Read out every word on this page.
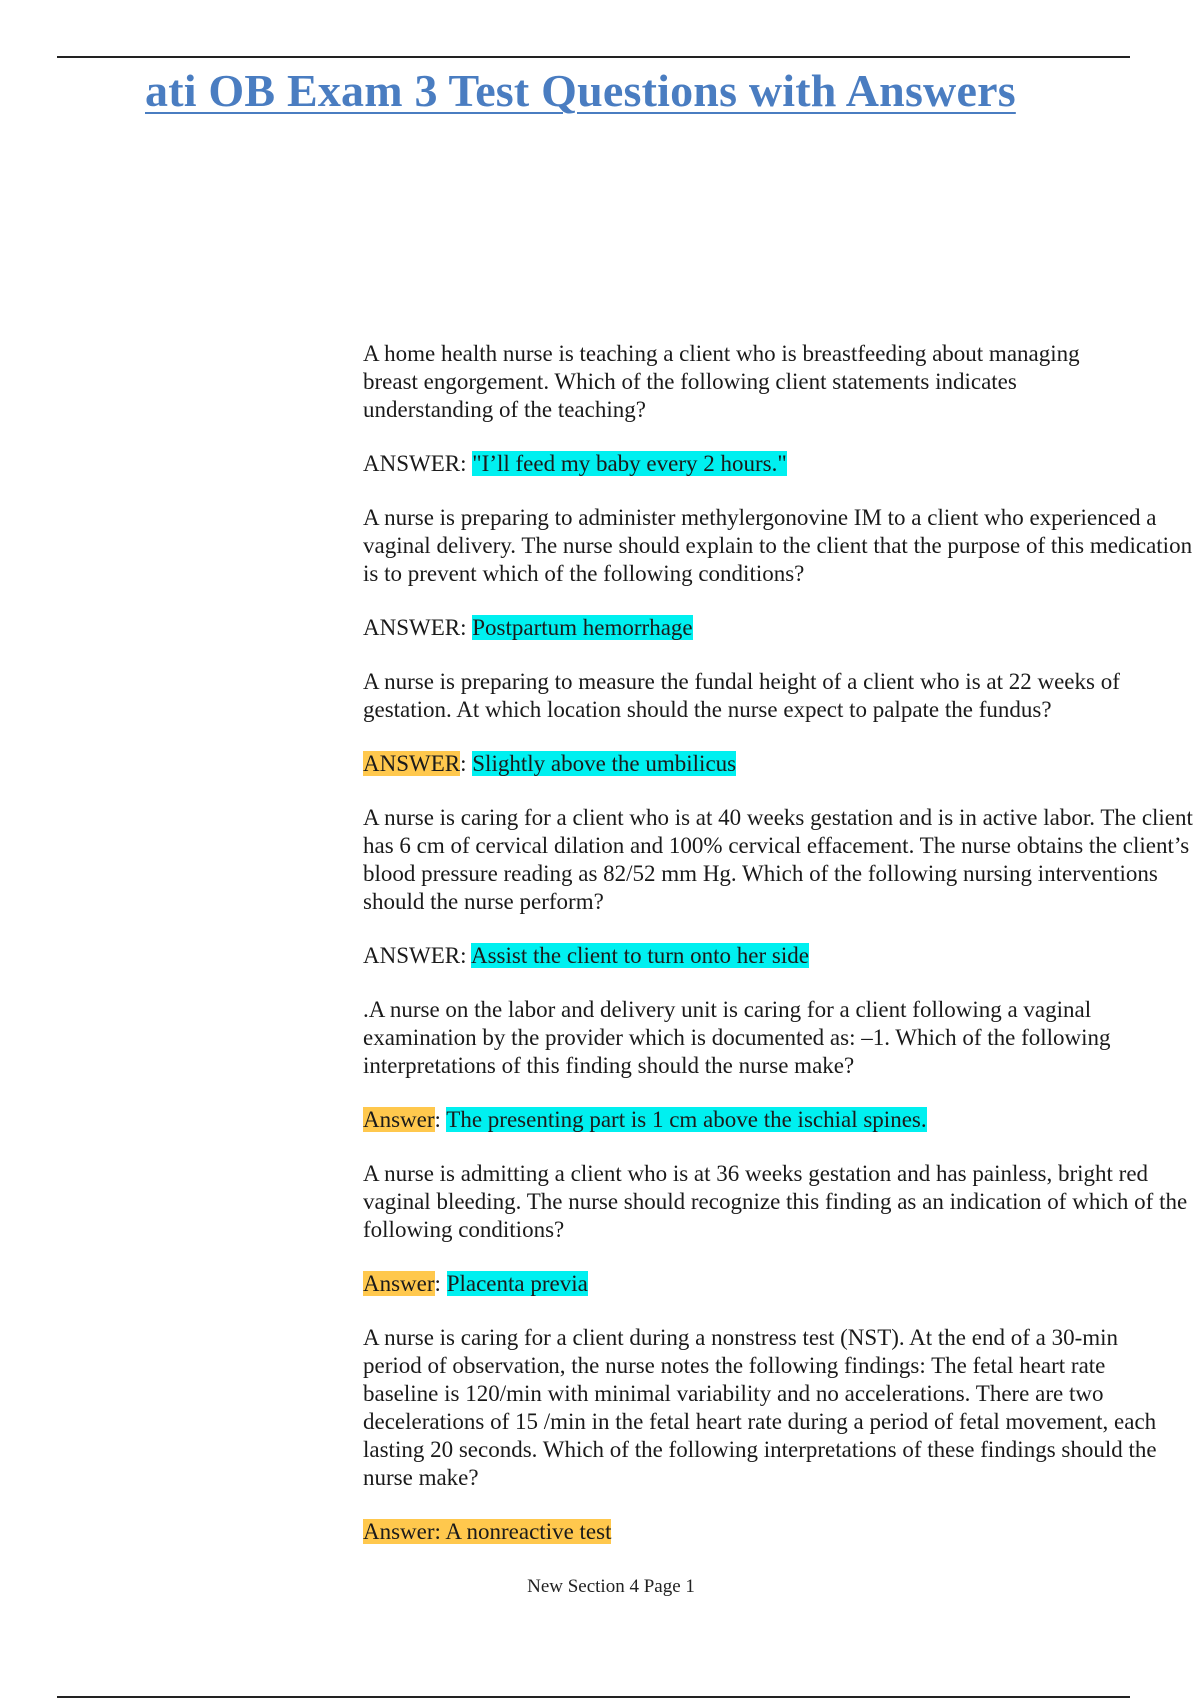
ati OB Exam 3 Test Questions with Answers

A home health nurse is teaching a client who is breastfeeding about managing breast engorgement. Which of the following client statements indicates understanding of the teaching?

ANSWER: "I’ll feed my baby every 2 hours."

A nurse is preparing to administer methylergonovine IM to a client who experienced a vaginal delivery. The nurse should explain to the client that the purpose of this medication is to prevent which of the following conditions?

ANSWER: Postpartum hemorrhage

A nurse is preparing to measure the fundal height of a client who is at 22 weeks of gestation. At which location should the nurse expect to palpate the fundus?

ANSWER: Slightly above the umbilicus

A nurse is caring for a client who is at 40 weeks gestation and is in active labor. The client has 6 cm of cervical dilation and 100% cervical effacement. The nurse obtains the client’s blood pressure reading as 82/52 mm Hg. Which of the following nursing interventions should the nurse perform?

ANSWER: Assist the client to turn onto her side

.A nurse on the labor and delivery unit is caring for a client following a vaginal examination by the provider which is documented as: –1. Which of the following interpretations of this finding should the nurse make?

Answer: The presenting part is 1 cm above the ischial spines.

A nurse is admitting a client who is at 36 weeks gestation and has painless, bright red vaginal bleeding. The nurse should recognize this finding as an indication of which of the following conditions?

Answer: Placenta previa

A nurse is caring for a client during a nonstress test (NST). At the end of a 30-min period of observation, the nurse notes the following findings: The fetal heart rate baseline is 120/min with minimal variability and no accelerations. There are two decelerations of 15 /min in the fetal heart rate during a period of fetal movement, each lasting 20 seconds. Which of the following interpretations of these findings should the nurse make?

Answer: A nonreactive test

New Section 4 Page 1
